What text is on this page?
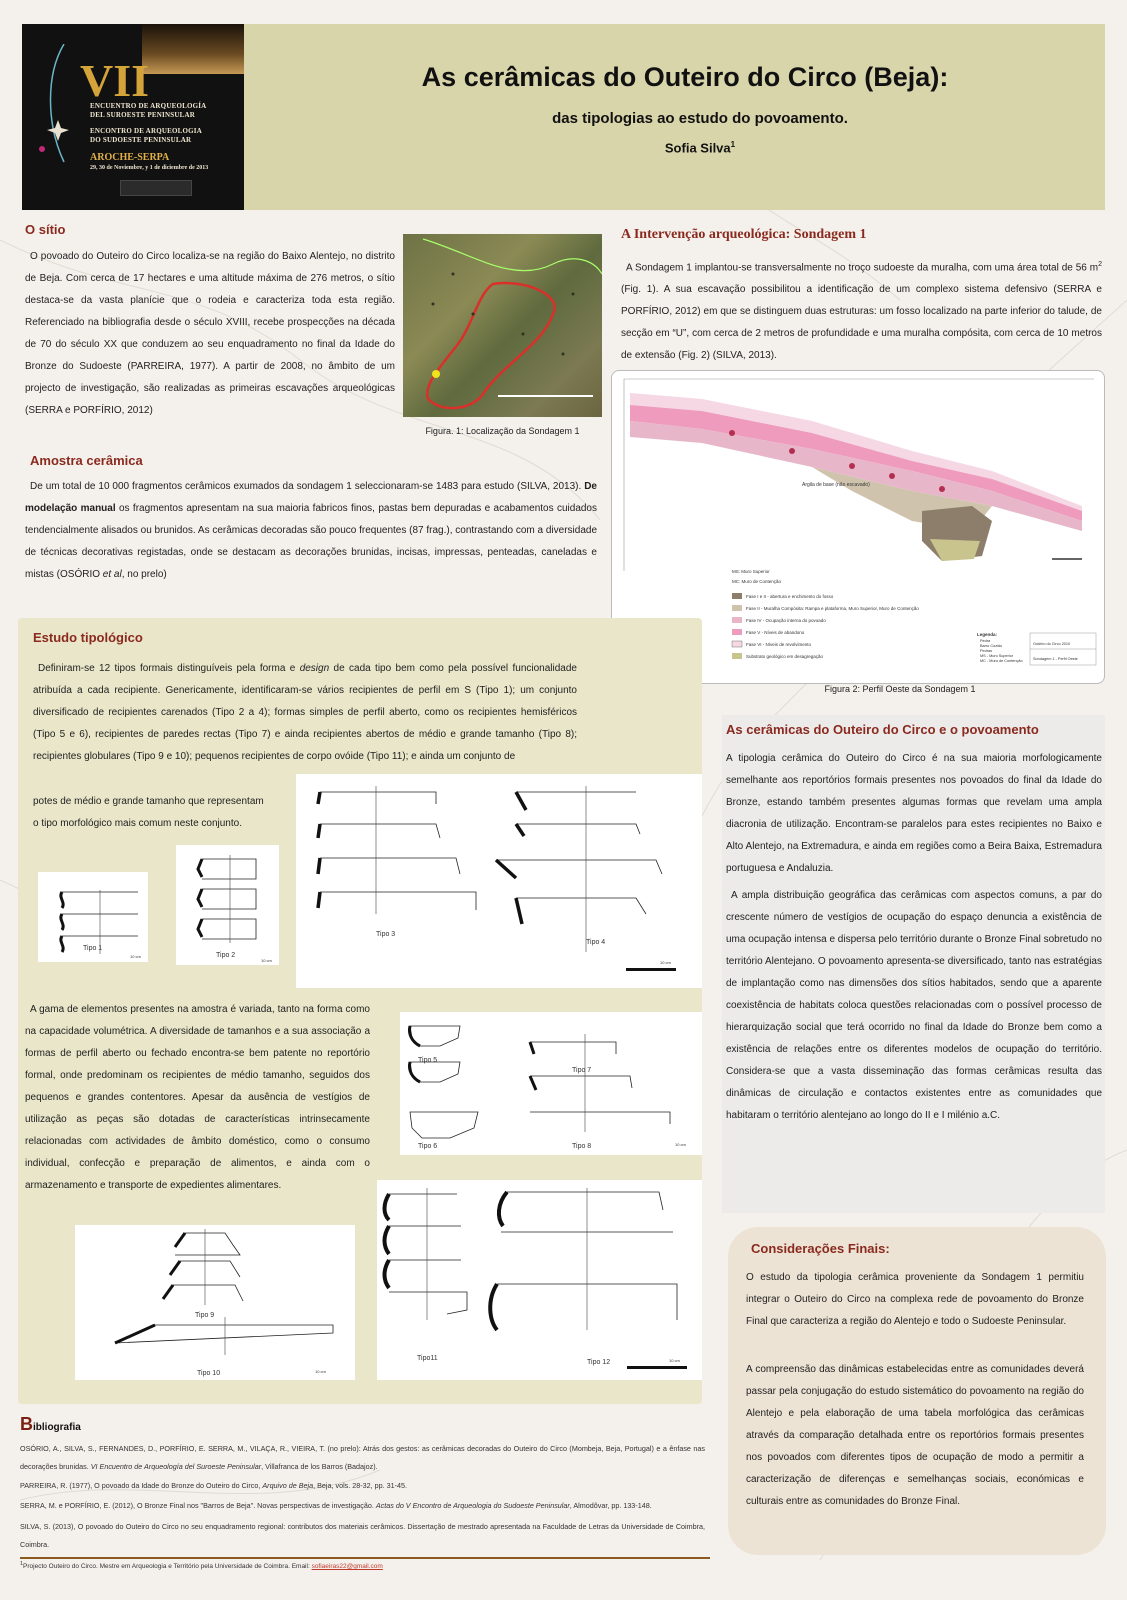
VII
ENCUENTRO DE ARQUEOLOGÍA
DEL SUROESTE PENINSULAR
ENCONTRO DE ARQUEOLOGIA
DO SUDOESTE PENINSULAR
AROCHE-SERPA
29, 30 de Noviembre, y 1 de diciembre de 2013
As cerâmicas do Outeiro do Circo (Beja):
das tipologias ao estudo do povoamento.
Sofia Silva$^1$
O sítio

O povoado do Outeiro do Circo localiza-se na região do Baixo Alentejo, no distrito de Beja. Com cerca de 17 hectares e uma altitude máxima de 276 metros, o sítio destaca-se da vasta planície que o rodeia e caracteriza toda esta região. Referenciado na bibliografia desde o século XVIII, recebe prospecções na década de 70 do século XX que conduzem ao seu enquadramento no final da Idade do Bronze do Sudoeste (PARREIRA, 1977). A partir de 2008, no âmbito de um projecto de investigação, são realizadas as primeiras escavações arqueológicas (SERRA e PORFÍRIO, 2012)

Figura. 1: Localização da Sondagem 1
Amostra cerâmica

De um total de 10 000 fragmentos cerâmicos exumados da sondagem 1 seleccionaram-se 1483 para estudo (SILVA, 2013). De modelação manual os fragmentos apresentam na sua maioria fabricos finos, pastas bem depuradas e acabamentos cuidados tendencialmente alisados ou brunidos. As cerâmicas decoradas são pouco frequentes (87 frag.), contrastando com a diversidade de técnicas decorativas registadas, onde se destacam as decorações brunidas, incisas, impressas, penteadas, caneladas e mistas (OSÓRIO et al, no prelo)

A Intervenção arqueológica: Sondagem 1

A Sondagem 1 implantou-se transversalmente no troço sudoeste da muralha, com uma área total de 56 $m^2$ (Fig. 1). A sua escavação possibilitou a identificação de um complexo sistema defensivo (SERRA e PORFÍRIO, 2012) em que se distinguem duas estruturas: um fosso localizado na parte inferior do talude, de secção em “U”, com cerca de 2 metros de profundidade e uma muralha compósita, com cerca de 10 metros de extensão (Fig. 2) (SILVA, 2013).

Argila de base (não escavado)
MS: Muro Superior
MC: Muro de Contenção
Fase I e II - abertura e enchimento do fosso
Fase II - Muralha Compósita: Rampa e plataforma, Muro Superior, Muro de Contenção
Fase IV - Ocupação interna do povoado
Fase V - Níveis de abandono
Fase VI - Níveis de revolvimento
Substrato geológico em desagregação
Legenda:
Pedra
Barro Cozido
Pedras
MS - Muro Superior
MC - Muro de Contenção
Outeiro do Circo 2010
Sondagem 1 - Perfil Oeste
Figura 2: Perfil Oeste da Sondagem 1
Estudo tipológico

Definiram-se 12 tipos formais distinguíveis pela forma e design de cada tipo bem como pela possível funcionalidade atribuída a cada recipiente. Genericamente, identificaram-se vários recipientes de perfil em S (Tipo 1); um conjunto diversificado de recipientes carenados (Tipo 2 a 4); formas simples de perfil aberto, como os recipientes hemisféricos (Tipo 5 e 6), recipientes de paredes rectas (Tipo 7) e ainda recipientes abertos de médio e grande tamanho (Tipo 8); recipientes globulares (Tipo 9 e 10); pequenos recipientes de corpo ovóide (Tipo 11); e ainda um conjunto de

potes de médio e grande tamanho que representam

o tipo morfológico mais comum neste conjunto.

Tipo 1
10 cm	Tipo 2
10 cm
Tipo 3
Tipo 4
10 cm

A gama de elementos presentes na amostra é variada, tanto na forma como na capacidade volumétrica. A diversidade de tamanhos e a sua associação a formas de perfil aberto ou fechado encontra-se bem patente no reportório formal, onde predominam os recipientes de médio tamanho, seguidos dos pequenos e grandes contentores. Apesar da ausência de vestígios de utilização as peças são dotadas de características intrinsecamente relacionadas com actividades de âmbito doméstico, como o consumo individual, confecção e preparação de alimentos, e ainda com o armazenamento e transporte de expedientes alimentares.

Tipo 5
Tipo 6
Tipo 7
Tipo 8	10 cm
Tipo 9
Tipo 10	10 cm
Tipo11
Tipo 12	10 cm
As cerâmicas do Outeiro do Circo e o povoamento

A tipologia cerâmica do Outeiro do Circo é na sua maioria morfologicamente semelhante aos reportórios formais presentes nos povoados do final da Idade do Bronze, estando também presentes algumas formas que revelam uma ampla diacronia de utilização. Encontram-se paralelos para estes recipientes no Baixo e Alto Alentejo, na Extremadura, e ainda em regiões como a Beira Baixa, Estremadura portuguesa e Andaluzia.

A ampla distribuição geográfica das cerâmicas com aspectos comuns, a par do crescente número de vestígios de ocupação do espaço denuncia a existência de uma ocupação intensa e dispersa pelo território durante o Bronze Final sobretudo no território Alentejano. O povoamento apresenta-se diversificado, tanto nas estratégias de implantação como nas dimensões dos sítios habitados, sendo que a aparente coexistência de habitats coloca questões relacionadas com o possível processo de hierarquização social que terá ocorrido no final da Idade do Bronze bem como a existência de relações entre os diferentes modelos de ocupação do território. Considera-se que a vasta disseminação das formas cerâmicas resulta das dinâmicas de circulação e contactos existentes entre as comunidades que habitaram o território alentejano ao longo do II e I milénio a.C.

Considerações Finais:

O estudo da tipologia cerâmica proveniente da Sondagem 1 permitiu integrar o Outeiro do Circo na complexa rede de povoamento do Bronze Final que caracteriza a região do Alentejo e todo o Sudoeste Peninsular.

A compreensão das dinâmicas estabelecidas entre as comunidades deverá passar pela conjugação do estudo sistemático do povoamento na região do Alentejo e pela elaboração de uma tabela morfológica das cerâmicas através da comparação detalhada entre os reportórios formais presentes nos povoados com diferentes tipos de ocupação de modo a permitir a caracterização de diferenças e semelhanças sociais, económicas e culturais entre as comunidades do Bronze Final.

Bibliografia

OSÓRIO, A., SILVA, S., FERNANDES, D., PORFÍRIO, E. SERRA, M., VILAÇA, R., VIEIRA, T. (no prelo): Atrás dos gestos: as cerâmicas decoradas do Outeiro do Circo (Mombeja, Beja, Portugal) e a ênfase nas decorações brunidas. VI Encuentro de Arqueología del Suroeste Peninsular, Villafranca de los Barros (Badajoz).

PARREIRA, R. (1977), O povoado da Idade do Bronze do Outeiro do Circo, Arquivo de Beja, Beja, vols. 28-32, pp. 31-45.

SERRA, M. e PORFÍRIO, E. (2012), O Bronze Final nos "Barros de Beja". Novas perspectivas de investigação. Actas do V Encontro de Arqueologia do Sudoeste Peninsular, Almodôvar, pp. 133-148.

SILVA, S. (2013), O povoado do Outeiro do Circo no seu enquadramento regional: contributos dos materiais cerâmicos. Dissertação de mestrado apresentada na Faculdade de Letras da Universidade de Coimbra, Coimbra.

$^1$Projecto Outeiro do Circo. Mestre em Arqueologia e Território pela Universidade de Coimbra. Email: sofiaeiras22@gmail.com
